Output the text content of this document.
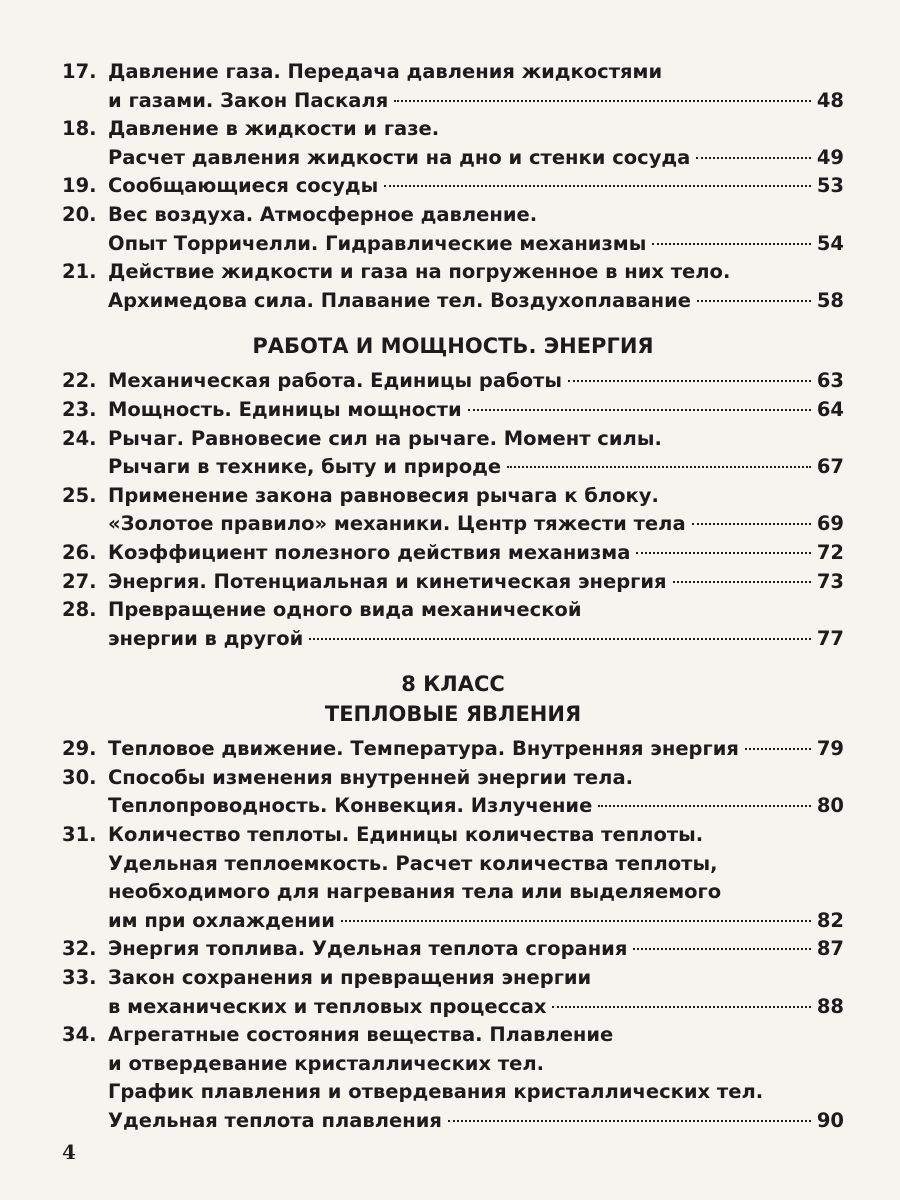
17. Давление газа. Передача давления жидкостями
и газами. Закон Паскаля	48
18. Давление в жидкости и газе.
Расчет давления жидкости на дно и стенки сосуда	49
19. Сообщающиеся сосуды	53
20. Вес воздуха. Атмосферное давление.
Опыт Торричелли. Гидравлические механизмы	54
21. Действие жидкости и газа на погруженное в них тело.
Архимедова сила. Плавание тел. Воздухоплавание	58
РАБОТА И МОЩНОСТЬ. ЭНЕРГИЯ
22. Механическая работа. Единицы работы	63
23. Мощность. Единицы мощности	64
24. Рычаг. Равновесие сил на рычаге. Момент силы.
Рычаги в технике, быту и природе	67
25. Применение закона равновесия рычага к блоку.
«Золотое правило» механики. Центр тяжести тела	69
26. Коэффициент полезного действия механизма	72
27. Энергия. Потенциальная и кинетическая энергия	73
28. Превращение одного вида механической
энергии в другой	77
8 КЛАСС
ТЕПЛОВЫЕ ЯВЛЕНИЯ
29. Тепловое движение. Температура. Внутренняя энергия	79
30. Способы изменения внутренней энергии тела.
Теплопроводность. Конвекция. Излучение	80
31. Количество теплоты. Единицы количества теплоты.
Удельная теплоемкость. Расчет количества теплоты,
необходимого для нагревания тела или выделяемого
им при охлаждении	82
32. Энергия топлива. Удельная теплота сгорания	87
33. Закон сохранения и превращения энергии
в механических и тепловых процессах	88
34. Агрегатные состояния вещества. Плавление
и отвердевание кристаллических тел.
График плавления и отвердевания кристаллических тел.
Удельная теплота плавления	90
4
